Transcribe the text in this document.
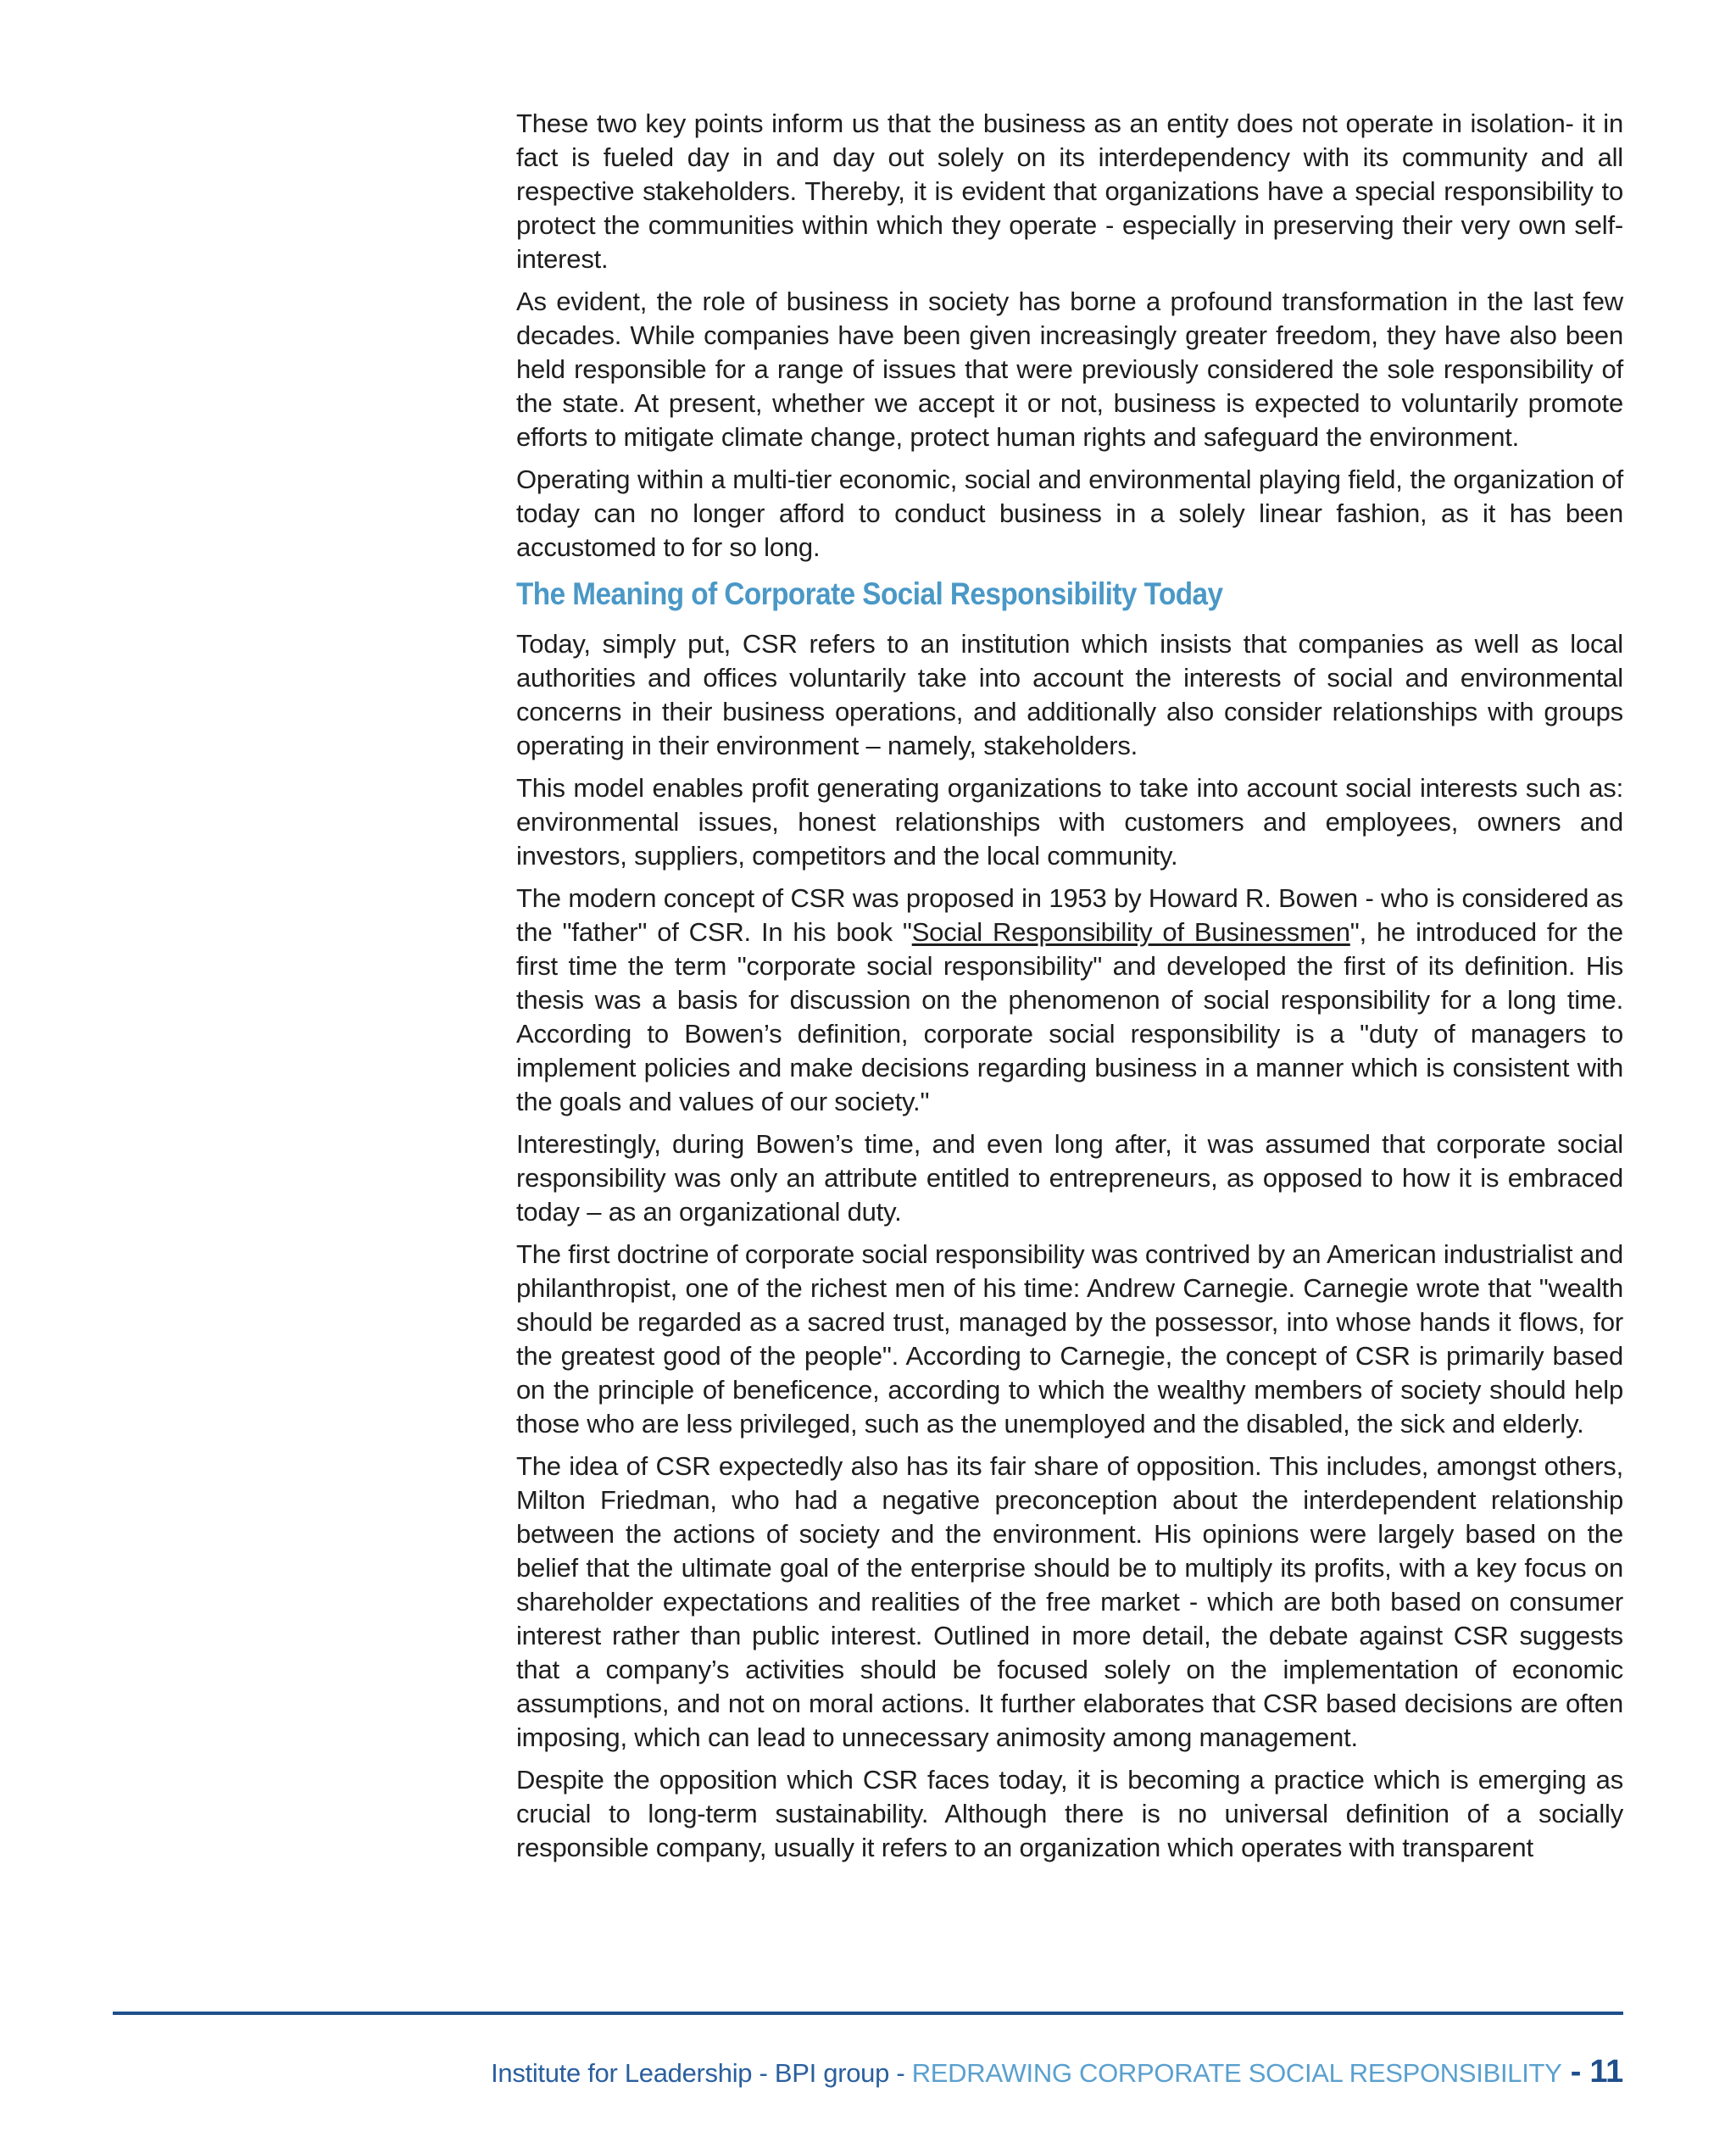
These two key points inform us that the business as an entity does not operate in isolation- it in fact is fueled day in and day out solely on its interdependency with its community and all respective stakeholders. Thereby, it is evident that organizations have a special responsibility to protect the communities within which they operate - especially in preserving their very own self-interest.

As evident, the role of business in society has borne a profound transformation in the last few decades. While companies have been given increasingly greater freedom, they have also been held responsible for a range of issues that were previously considered the sole responsibility of the state. At present, whether we accept it or not, business is expected to voluntarily promote efforts to mitigate climate change, protect human rights and safeguard the environment.

Operating within a multi-tier economic, social and environmental playing field, the organization of today can no longer afford to conduct business in a solely linear fashion, as it has been accustomed to for so long.

The Meaning of Corporate Social Responsibility Today

Today, simply put, CSR refers to an institution which insists that companies as well as local authorities and offices voluntarily take into account the interests of social and environmental concerns in their business operations, and additionally also consider relationships with groups operating in their environment – namely, stakeholders.

This model enables profit generating organizations to take into account social interests such as: environmental issues, honest relationships with customers and employees, owners and investors, suppliers, competitors and the local community.

The modern concept of CSR was proposed in 1953 by Howard R. Bowen - who is considered as the "father" of CSR. In his book "Social Responsibility of Businessmen", he introduced for the first time the term "corporate social responsibility" and developed the first of its definition. His thesis was a basis for discussion on the phenomenon of social responsibility for a long time. According to Bowen’s definition, corporate social responsibility is a "duty of managers to implement policies and make decisions regarding business in a manner which is consistent with the goals and values of our society."

Interestingly, during Bowen’s time, and even long after, it was assumed that corporate social responsibility was only an attribute entitled to entrepreneurs, as opposed to how it is embraced today – as an organizational duty.

The first doctrine of corporate social responsibility was contrived by an American industrialist and philanthropist, one of the richest men of his time: Andrew Carnegie. Carnegie wrote that "wealth should be regarded as a sacred trust, managed by the possessor, into whose hands it flows, for the greatest good of the people". According to Carnegie, the concept of CSR is primarily based on the principle of beneficence, according to which the wealthy members of society should help those who are less privileged, such as the unemployed and the disabled, the sick and elderly.

The idea of CSR expectedly also has its fair share of opposition. This includes, amongst others, Milton Friedman, who had a negative preconception about the interdependent relationship between the actions of society and the environment. His opinions were largely based on the belief that the ultimate goal of the enterprise should be to multiply its profits, with a key focus on shareholder expectations and realities of the free market - which are both based on consumer interest rather than public interest. Outlined in more detail, the debate against CSR suggests that a company’s activities should be focused solely on the implementation of economic assumptions, and not on moral actions. It further elaborates that CSR based decisions are often imposing, which can lead to unnecessary animosity among management.

Despite the opposition which CSR faces today, it is becoming a practice which is emerging as crucial to long-term sustainability. Although there is no universal definition of a socially responsible company, usually it refers to an organization which operates with transparent

Institute for Leadership - BPI group - REDRAWING CORPORATE SOCIAL RESPONSIBILITY - 11
